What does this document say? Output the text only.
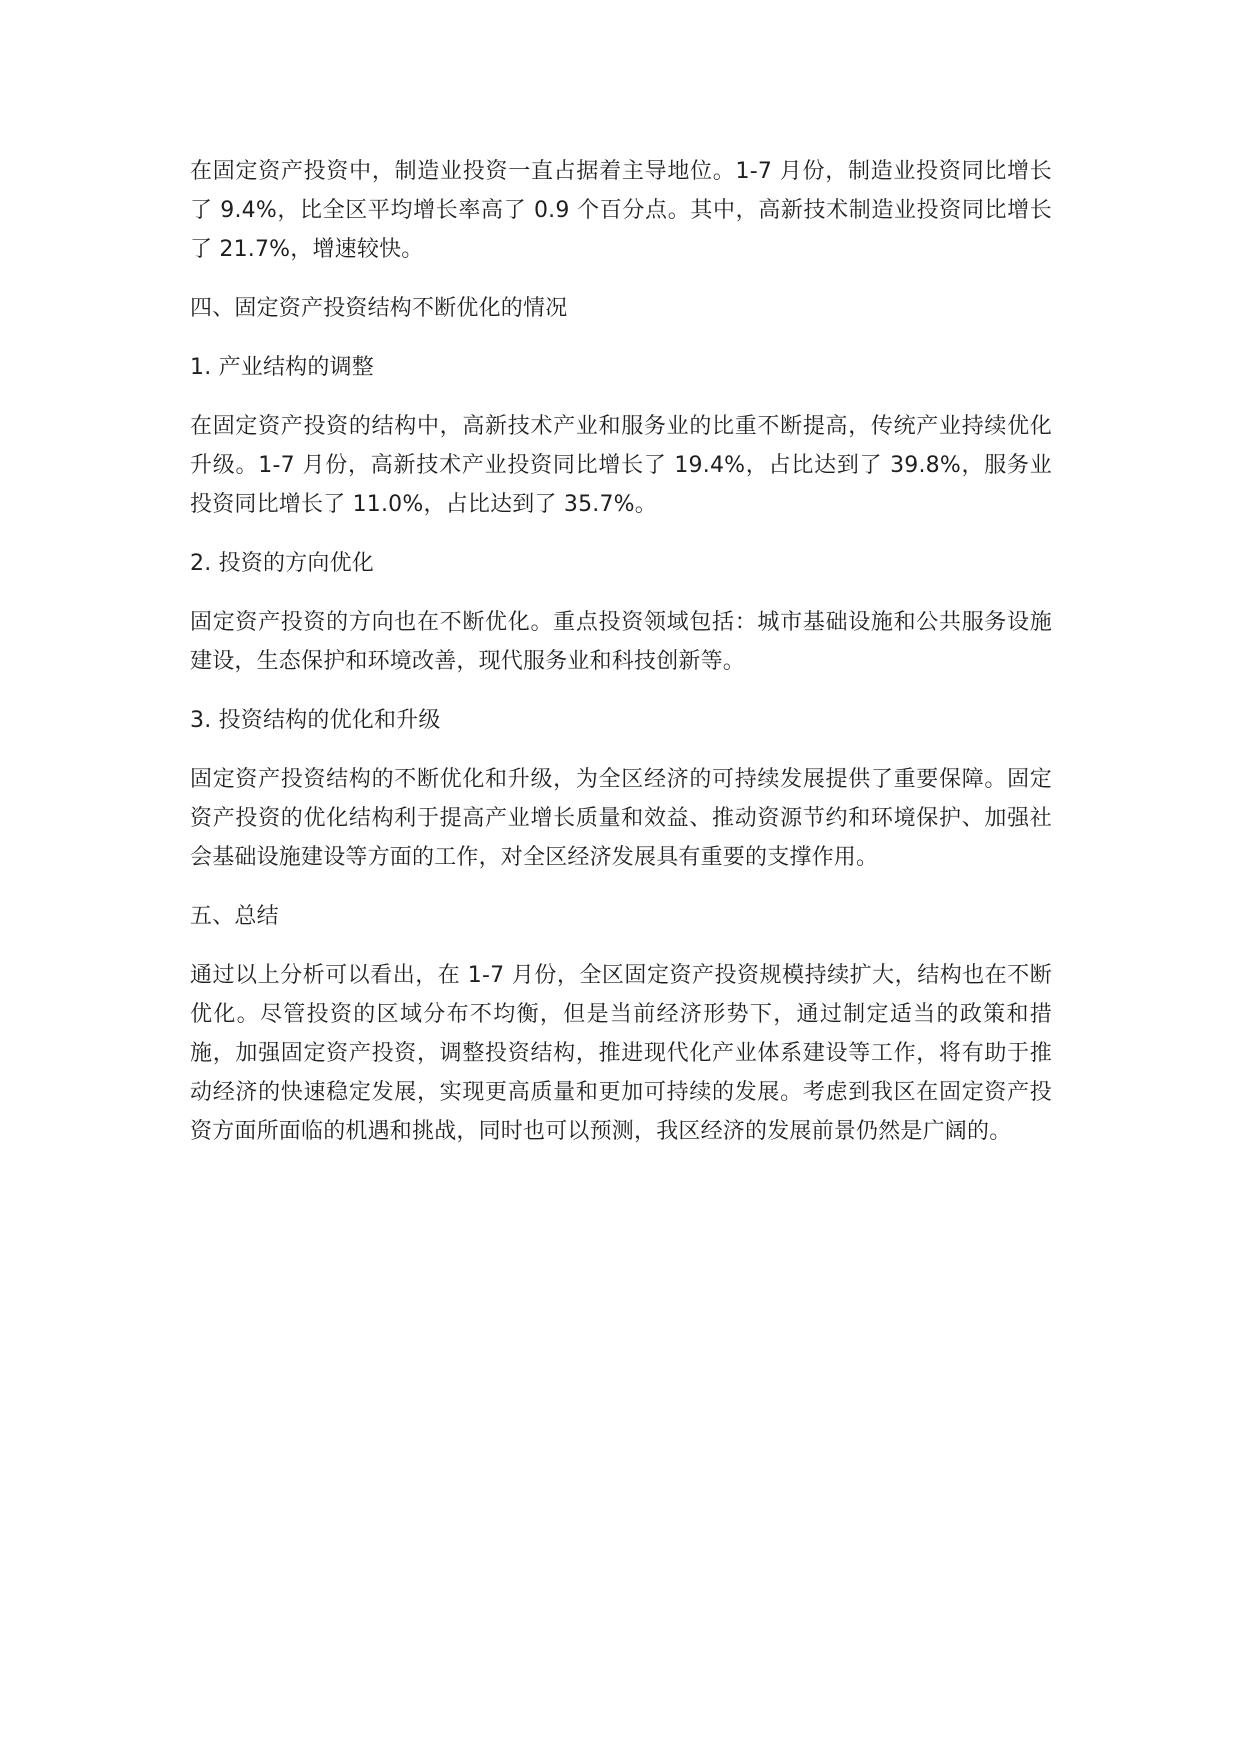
在固定资产投资中，制造业投资一直占据着主导地位。1-7 月份，制造业投资同比增长了 9.4%，比全区平均增长率高了 0.9 个百分点。其中，高新技术制造业投资同比增长了 21.7%，增速较快。

四、固定资产投资结构不断优化的情况

1. 产业结构的调整

在固定资产投资的结构中，高新技术产业和服务业的比重不断提高，传统产业持续优化升级。1-7 月份，高新技术产业投资同比增长了 19.4%，占比达到了 39.8%，服务业投资同比增长了 11.0%，占比达到了 35.7%。

2. 投资的方向优化

固定资产投资的方向也在不断优化。重点投资领域包括：城市基础设施和公共服务设施建设，生态保护和环境改善，现代服务业和科技创新等。

3. 投资结构的优化和升级

固定资产投资结构的不断优化和升级，为全区经济的可持续发展提供了重要保障。固定资产投资的优化结构利于提高产业增长质量和效益、推动资源节约和环境保护、加强社会基础设施建设等方面的工作，对全区经济发展具有重要的支撑作用。

五、总结

通过以上分析可以看出，在 1-7 月份，全区固定资产投资规模持续扩大，结构也在不断优化。尽管投资的区域分布不均衡，但是当前经济形势下，通过制定适当的政策和措施，加强固定资产投资，调整投资结构，推进现代化产业体系建设等工作，将有助于推动经济的快速稳定发展，实现更高质量和更加可持续的发展。考虑到我区在固定资产投资方面所面临的机遇和挑战，同时也可以预测，我区经济的发展前景仍然是广阔的。
